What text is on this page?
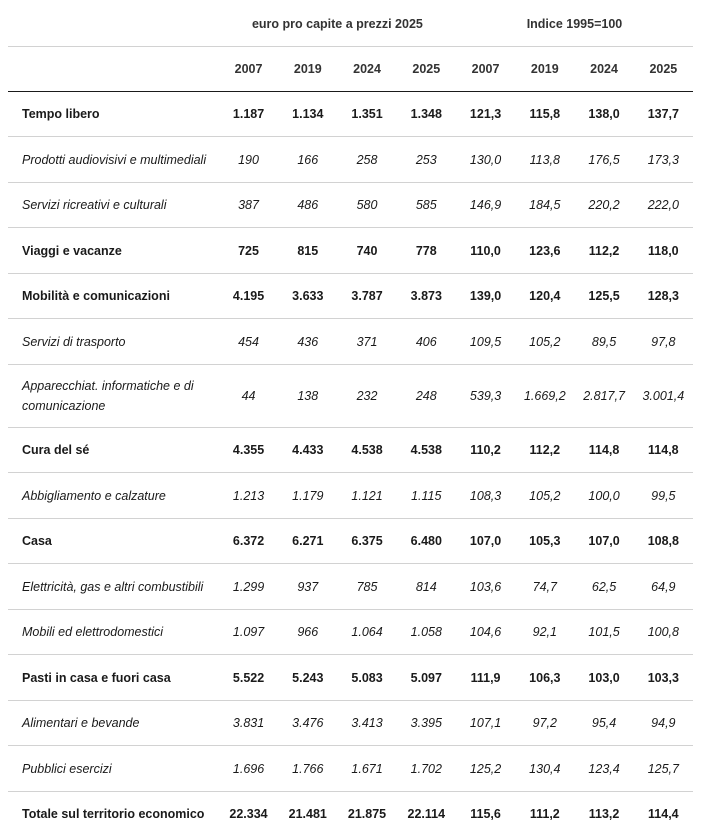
	euro pro capite a prezzi 2025				Indice 1995=100			
	2007	2019	2024	2025	2007	2019	2024	2025
Tempo libero	1.187	1.134	1.351	1.348	121,3	115,8	138,0	137,7
Prodotti audiovisivi e multimediali	190	166	258	253	130,0	113,8	176,5	173,3
Servizi ricreativi e culturali	387	486	580	585	146,9	184,5	220,2	222,0
Viaggi e vacanze	725	815	740	778	110,0	123,6	112,2	118,0
Mobilità e comunicazioni	4.195	3.633	3.787	3.873	139,0	120,4	125,5	128,3
Servizi di trasporto	454	436	371	406	109,5	105,2	89,5	97,8
Apparecchiat. informatiche e di comunicazione	44	138	232	248	539,3	1.669,2	2.817,7	3.001,4
Cura del sé	4.355	4.433	4.538	4.538	110,2	112,2	114,8	114,8
Abbigliamento e calzature	1.213	1.179	1.121	1.115	108,3	105,2	100,0	99,5
Casa	6.372	6.271	6.375	6.480	107,0	105,3	107,0	108,8
Elettricità, gas e altri combustibili	1.299	937	785	814	103,6	74,7	62,5	64,9
Mobili ed elettrodomestici	1.097	966	1.064	1.058	104,6	92,1	101,5	100,8
Pasti in casa e fuori casa	5.522	5.243	5.083	5.097	111,9	106,3	103,0	103,3
Alimentari e bevande	3.831	3.476	3.413	3.395	107,1	97,2	95,4	94,9
Pubblici esercizi	1.696	1.766	1.671	1.702	125,2	130,4	123,4	125,7
Totale sul territorio economico	22.334	21.481	21.875	22.114	115,6	111,2	113,2	114,4
